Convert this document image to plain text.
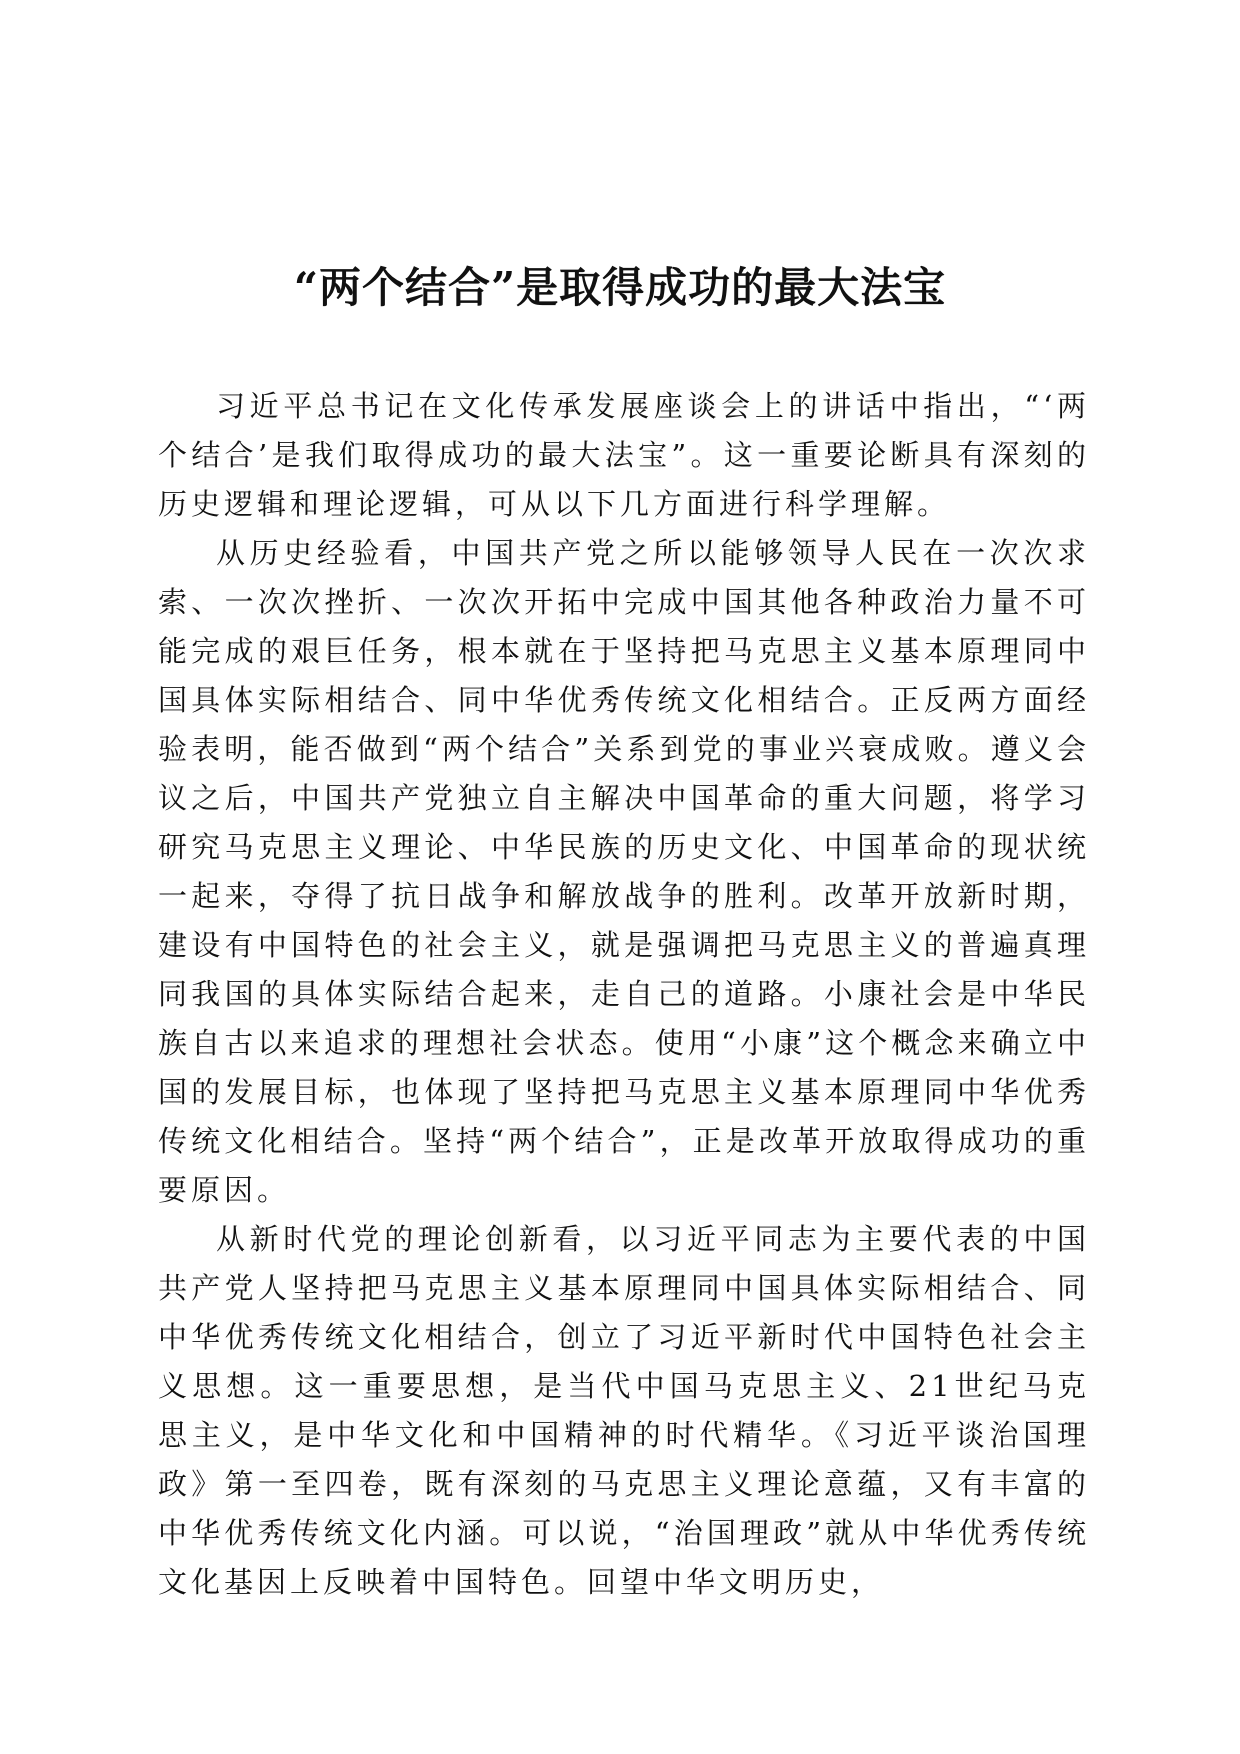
“两个结合”是取得成功的最大法宝

习近平总书记在文化传承发展座谈会上的讲话中指出，“‘两个结合’是我们取得成功的最大法宝”。这一重要论断具有深刻的历史逻辑和理论逻辑，可从以下几方面进行科学理解。

从历史经验看，中国共产党之所以能够领导人民在一次次求索、一次次挫折、一次次开拓中完成中国其他各种政治力量不可能完成的艰巨任务，根本就在于坚持把马克思主义基本原理同中国具体实际相结合、同中华优秀传统文化相结合。正反两方面经验表明，能否做到“两个结合”关系到党的事业兴衰成败。遵义会议之后，中国共产党独立自主解决中国革命的重大问题，将学习研究马克思主义理论、中华民族的历史文化、中国革命的现状统一起来，夺得了抗日战争和解放战争的胜利。改革开放新时期，建设有中国特色的社会主义，就是强调把马克思主义的普遍真理同我国的具体实际结合起来，走自己的道路。小康社会是中华民族自古以来追求的理想社会状态。使用“小康”这个概念来确立中国的发展目标，也体现了坚持把马克思主义基本原理同中华优秀传统文化相结合。坚持“两个结合”，正是改革开放取得成功的重要原因。

从新时代党的理论创新看，以习近平同志为主要代表的中国共产党人坚持把马克思主义基本原理同中国具体实际相结合、同中华优秀传统文化相结合，创立了习近平新时代中国特色社会主义思想。这一重要思想，是当代中国马克思主义、21世纪马克思主义，是中华文化和中国精神的时代精华。《习近平谈治国理政》第一至四卷，既有深刻的马克思主义理论意蕴，又有丰富的中华优秀传统文化内涵。可以说，“治国理政”就从中华优秀传统文化基因上反映着中国特色。回望中华文明历史，
